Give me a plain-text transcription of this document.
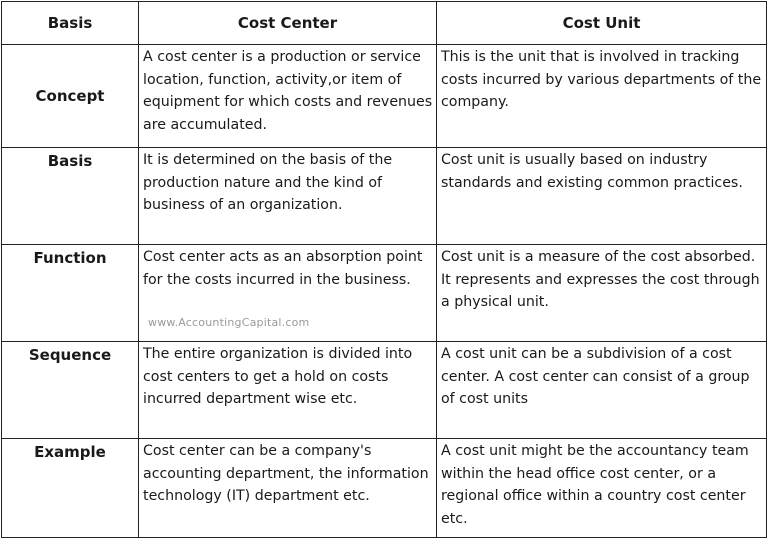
Basis	Cost Center	Cost Unit
Concept	A cost center is a production or service location, function, activity,or item of equipment for which costs and revenues are accumulated.	This is the unit that is involved in tracking costs incurred by various departments of the company.
Basis	It is determined on the basis of the production nature and the kind of business of an organization.	Cost unit is usually based on industry standards and existing common practices.
Function	Cost center acts as an absorption point for the costs incurred in the business.	Cost unit is a measure of the cost absorbed. It represents and expresses the cost through a physical unit.
Sequence	The entire organization is divided into cost centers to get a hold on costs incurred department wise etc.	A cost unit can be a subdivision of a cost center. A cost center can consist of a group of cost units
Example	Cost center can be a company's accounting department, the information technology (IT) department etc.	A cost unit might be the accountancy team within the head office cost center, or a regional office within a country cost center etc.
www.AccountingCapital.com
